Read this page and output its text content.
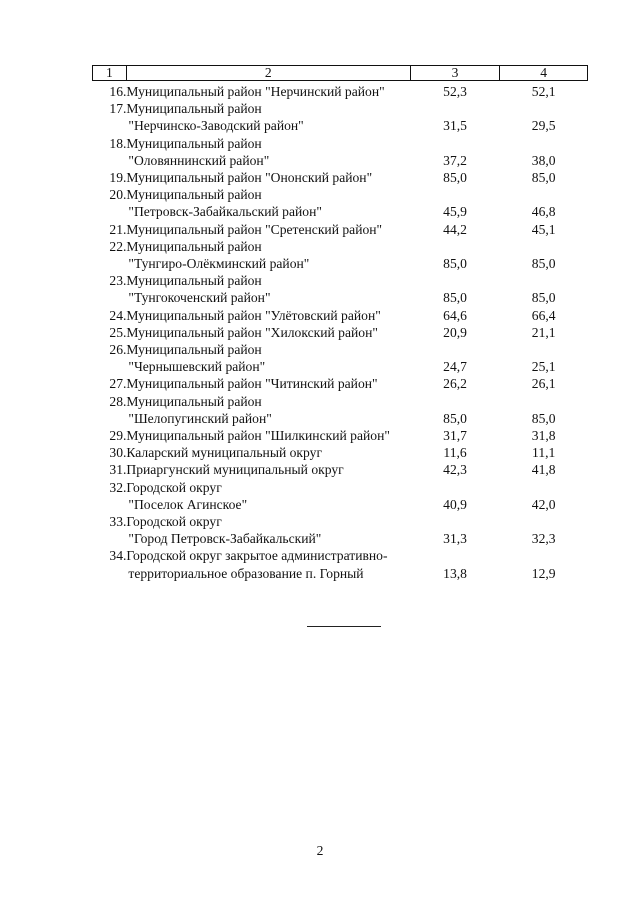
1	2	3	4
16.	Муниципальный район "Нерчинский район"	52,3	52,1
17.	Муниципальный район
"Нерчинско-Заводский район"	31,5	29,5
18.	Муниципальный район
"Оловяннинский район"	37,2	38,0
19.	Муниципальный район "Ононский район"	85,0	85,0
20.	Муниципальный район
"Петровск-Забайкальский район"	45,9	46,8
21.	Муниципальный район "Сретенский район"	44,2	45,1
22.	Муниципальный район
"Тунгиро-Олёкминский район"	85,0	85,0
23.	Муниципальный район
"Тунгокоченский район"	85,0	85,0
24.	Муниципальный район "Улётовский район"	64,6	66,4
25.	Муниципальный район "Хилокский район"	20,9	21,1
26.	Муниципальный район
"Чернышевский район"	24,7	25,1
27.	Муниципальный район "Читинский район"	26,2	26,1
28.	Муниципальный район
"Шелопугинский район"	85,0	85,0
29.	Муниципальный район "Шилкинский район"	31,7	31,8
30.	Каларский муниципальный округ	11,6	11,1
31.	Приаргунский муниципальный округ	42,3	41,8
32.	Городской округ
"Поселок Агинское"	40,9	42,0
33.	Городской округ
"Город Петровск-Забайкальский"	31,3	32,3
34.	Городской округ закрытое административно-
территориальное образование п. Горный	13,8	12,9
2
